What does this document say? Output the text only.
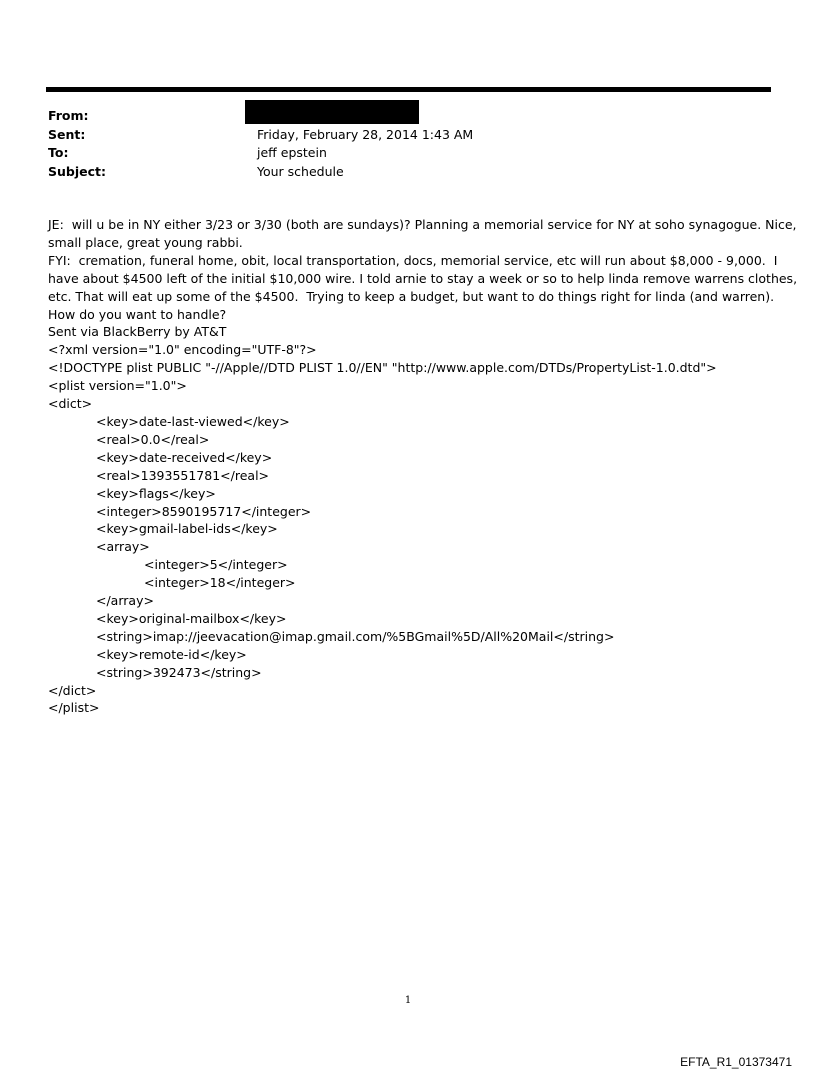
From:
Sent:	Friday, February 28, 2014 1:43 AM
To:	jeff epstein
Subject:	Your schedule
JE:  will u be in NY either 3/23 or 3/30 (both are sundays)? Planning a memorial service for NY at soho synagogue. Nice,
small place, great young rabbi.
FYI:  cremation, funeral home, obit, local transportation, docs, memorial service, etc will run about $8,000 - 9,000.  I
have about $4500 left of the initial $10,000 wire. I told arnie to stay a week or so to help linda remove warrens clothes,
etc. That will eat up some of the $4500.  Trying to keep a budget, but want to do things right for linda (and warren).
How do you want to handle?
Sent via BlackBerry by AT&T
<?xml version="1.0" encoding="UTF-8"?>
<!DOCTYPE plist PUBLIC "-//Apple//DTD PLIST 1.0//EN" "http://www.apple.com/DTDs/PropertyList-1.0.dtd">
<plist version="1.0">
<dict>
<key>date-last-viewed</key>
<real>0.0</real>
<key>date-received</key>
<real>1393551781</real>
<key>flags</key>
<integer>8590195717</integer>
<key>gmail-label-ids</key>
<array>
<integer>5</integer>
<integer>18</integer>
</array>
<key>original-mailbox</key>
<string>imap://jeevacation@imap.gmail.com/%5BGmail%5D/All%20Mail</string>
<key>remote-id</key>
<string>392473</string>
</dict>
</plist>
1
EFTA_R1_01373471
